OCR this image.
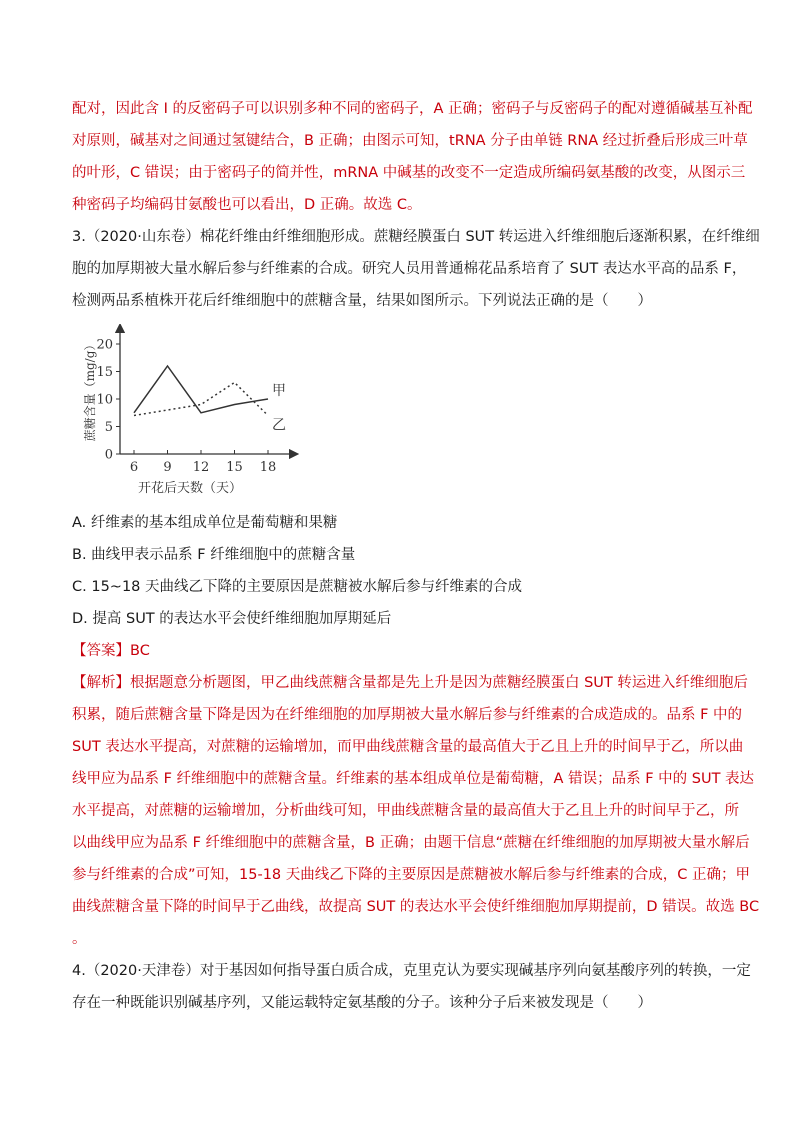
配对，因此含 I 的反密码子可以识别多种不同的密码子，A 正确；密码子与反密码子的配对遵循碱基互补配
对原则，碱基对之间通过氢键结合，B 正确；由图示可知，tRNA 分子由单链 RNA 经过折叠后形成三叶草
的叶形，C 错误；由于密码子的简并性，mRNA 中碱基的改变不一定造成所编码氨基酸的改变，从图示三
种密码子均编码甘氨酸也可以看出，D 正确。故选 C。
3.（2020·山东卷）棉花纤维由纤维细胞形成。蔗糖经膜蛋白 SUT 转运进入纤维细胞后逐渐积累，在纤维细
胞的加厚期被大量水解后参与纤维素的合成。研究人员用普通棉花品系培育了 SUT 表达水平高的品系 F，
检测两品系植株开花后纤维细胞中的蔗糖含量，结果如图所示。下列说法正确的是（　　）
0
5
10
15
20
6 9 12 15 18
甲
乙
开花后天数（天）
蔗糖含量（mg/g）
A. 纤维素的基本组成单位是葡萄糖和果糖
B. 曲线甲表示品系 F 纤维细胞中的蔗糖含量
C. 15~18 天曲线乙下降的主要原因是蔗糖被水解后参与纤维素的合成
D. 提高 SUT 的表达水平会使纤维细胞加厚期延后
【答案】BC
【解析】根据题意分析题图，甲乙曲线蔗糖含量都是先上升是因为蔗糖经膜蛋白 SUT 转运进入纤维细胞后
积累，随后蔗糖含量下降是因为在纤维细胞的加厚期被大量水解后参与纤维素的合成造成的。品系 F 中的
SUT 表达水平提高，对蔗糖的运输增加，而甲曲线蔗糖含量的最高值大于乙且上升的时间早于乙，所以曲
线甲应为品系 F 纤维细胞中的蔗糖含量。纤维素的基本组成单位是葡萄糖，A 错误；品系 F 中的 SUT 表达
水平提高，对蔗糖的运输增加，分析曲线可知，甲曲线蔗糖含量的最高值大于乙且上升的时间早于乙，所
以曲线甲应为品系 F 纤维细胞中的蔗糖含量，B 正确；由题干信息“蔗糖在纤维细胞的加厚期被大量水解后
参与纤维素的合成”可知，15-18 天曲线乙下降的主要原因是蔗糖被水解后参与纤维素的合成，C 正确；甲
曲线蔗糖含量下降的时间早于乙曲线，故提高 SUT 的表达水平会使纤维细胞加厚期提前，D 错误。故选 BC
。
4.（2020·天津卷）对于基因如何指导蛋白质合成，克里克认为要实现碱基序列向氨基酸序列的转换，一定
存在一种既能识别碱基序列，又能运载特定氨基酸的分子。该种分子后来被发现是（　　）
